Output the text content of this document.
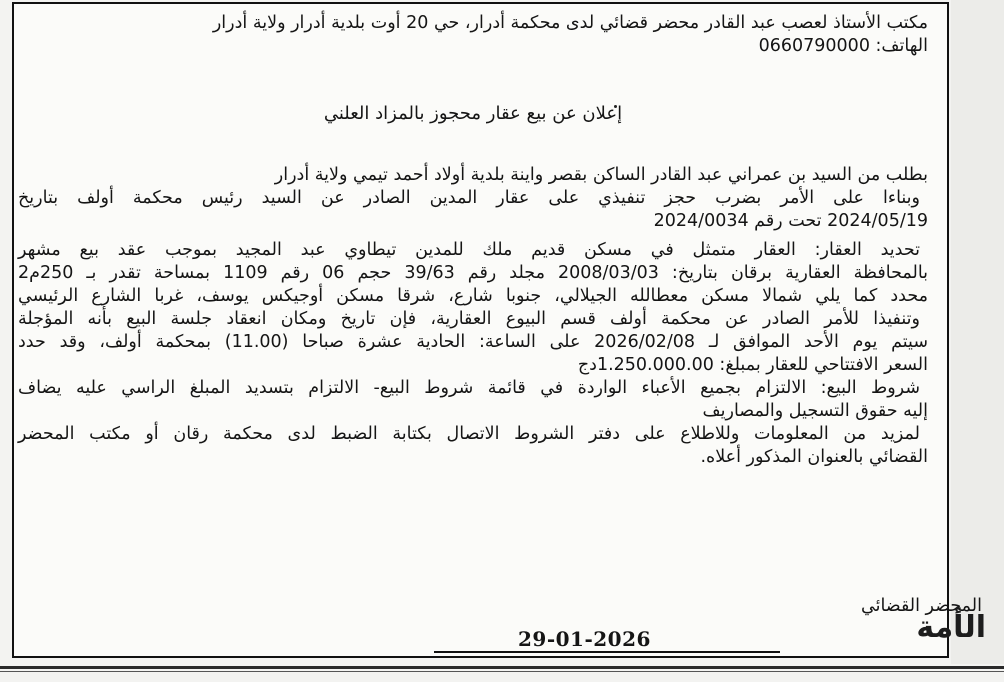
مكتب الأستاذ لعصب عبد القادر محضر قضائي لدى محكمة أدرار، حي 20 أوت بلدية أدرار ولاية أدرار
الهاتف: 0660790000
إعلان عن بيع عقار محجوز بالمزاد العلني
بطلب من السيد بن عمراني عبد القادر الساكن بقصر واينة بلدية أولاد أحمد تيمي ولاية أدرار
وبناءا على الأمر بضرب حجز تنفيذي على عقار المدين الصادر عن السيد رئيس محكمة أولف بتاريخ
2024/05/19 تحت رقم 2024/0034
تحديد العقار: العقار متمثل في مسكن قديم ملك للمدين تيطاوي عبد المجيد بموجب عقد بيع مشهر
بالمحافظة العقارية برقان بتاريخ: 2008/03/03 مجلد رقم 39/63 حجم 06 رقم 1109 بمساحة تقدر بـ 250م2
محدد كما يلي شمالا مسكن معطالله الجيلالي، جنوبا شارع، شرقا مسكن أوجيكس يوسف، غربا الشارع الرئيسي
وتنفيذا للأمر الصادر عن محكمة أولف قسم البيوع العقارية، فإن تاريخ ومكان انعقاد جلسة البيع بأنه المؤجلة
سيتم يوم الأحد الموافق لـ 2026/02/08 على الساعة: الحادية عشرة صباحا (11.00) بمحكمة أولف، وقد حدد
السعر الافتتاحي للعقار بمبلغ: 1.250.000.00دج
شروط البيع: الالتزام بجميع الأعباء الواردة في قائمة شروط البيع- الالتزام بتسديد المبلغ الراسي عليه يضاف
إليه حقوق التسجيل والمصاريف
لمزيد من المعلومات وللاطلاع على دفتر الشروط الاتصال بكتابة الضبط لدى محكمة رقان أو مكتب المحضر
القضائي بالعنوان المذكور أعلاه.
المحضر القضائي
29-01-2026	الأمة
